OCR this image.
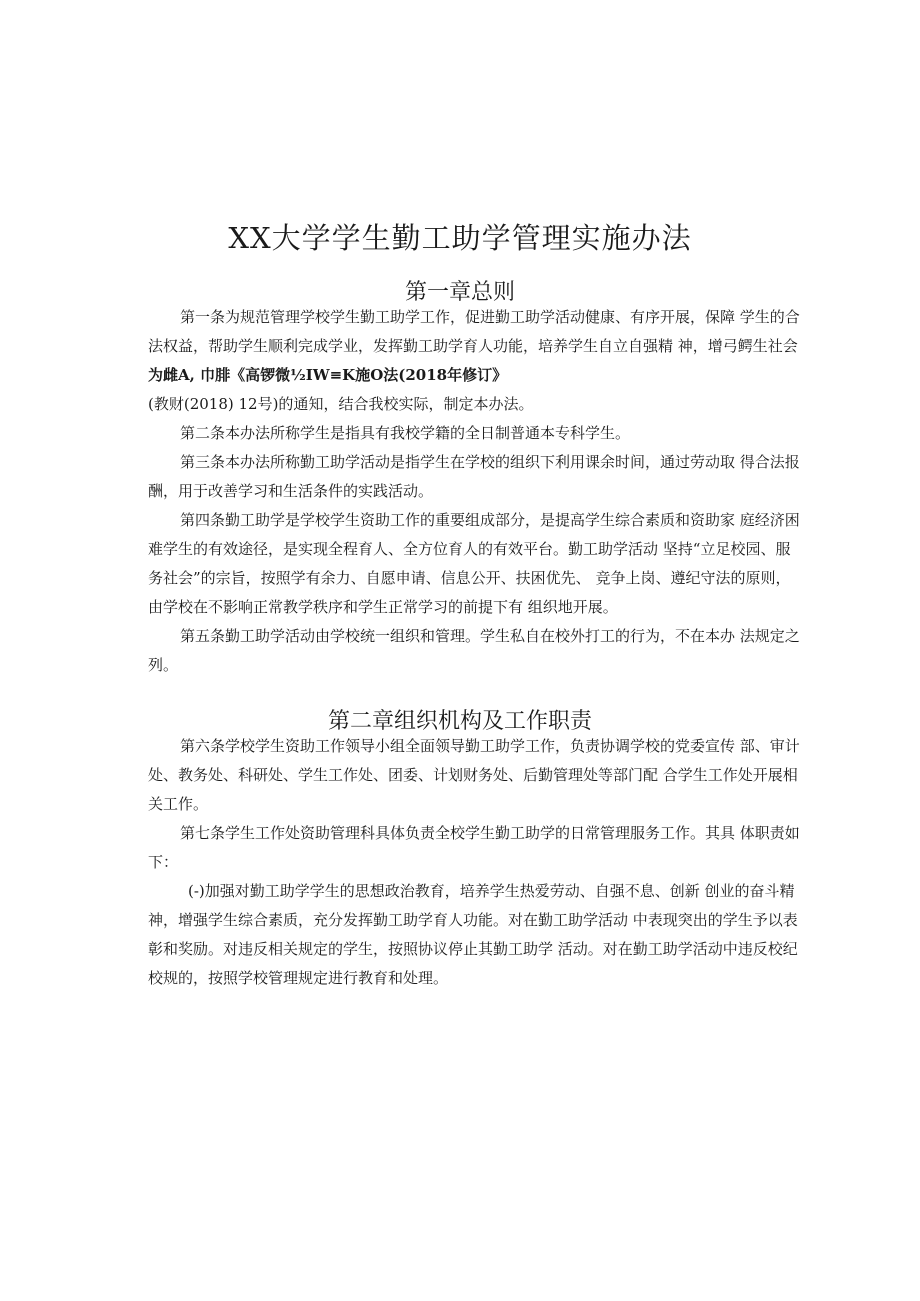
XX大学学生勤工助学管理实施办法
第一章总则
第一条为规范管理学校学生勤工助学工作，促进勤工助学活动健康、有序开展，保障 学生的合
法权益，帮助学生顺利完成学业，发挥勤工助学育人功能，培养学生自立自强精 神，增弓鳄生社会
为雌A, 巾腓《高锣微½IW≡K施O法(2018年修订》
(教财(2018) 12号)的通知，结合我校实际，制定本办法。
第二条本办法所称学生是指具有我校学籍的全日制普通本专科学生。
第三条本办法所称勤工助学活动是指学生在学校的组织下利用课余时间，通过劳动取 得合法报
酬，用于改善学习和生活条件的实践活动。
第四条勤工助学是学校学生资助工作的重要组成部分，是提高学生综合素质和资助家 庭经济困
难学生的有效途径，是实现全程育人、全方位育人的有效平台。勤工助学活动 坚持“立足校园、服
务社会”的宗旨，按照学有余力、自愿申请、信息公开、扶困优先、 竞争上岗、遵纪守法的原则，
由学校在不影响正常教学秩序和学生正常学习的前提下有 组织地开展。
第五条勤工助学活动由学校统一组织和管理。学生私自在校外打工的行为，不在本办 法规定之
列。
第二章组织机构及工作职责
第六条学校学生资助工作领导小组全面领导勤工助学工作，负责协调学校的党委宣传 部、审计
处、教务处、科研处、学生工作处、团委、计划财务处、后勤管理处等部门配 合学生工作处开展相
关工作。
第七条学生工作处资助管理科具体负责全校学生勤工助学的日常管理服务工作。其具 体职责如
下：
(-)加强对勤工助学学生的思想政治教育，培养学生热爱劳动、自强不息、创新 创业的奋斗精
神，增强学生综合素质，充分发挥勤工助学育人功能。对在勤工助学活动 中表现突出的学生予以表
彰和奖励。对违反相关规定的学生，按照协议停止其勤工助学 活动。对在勤工助学活动中违反校纪
校规的，按照学校管理规定进行教育和处理。
